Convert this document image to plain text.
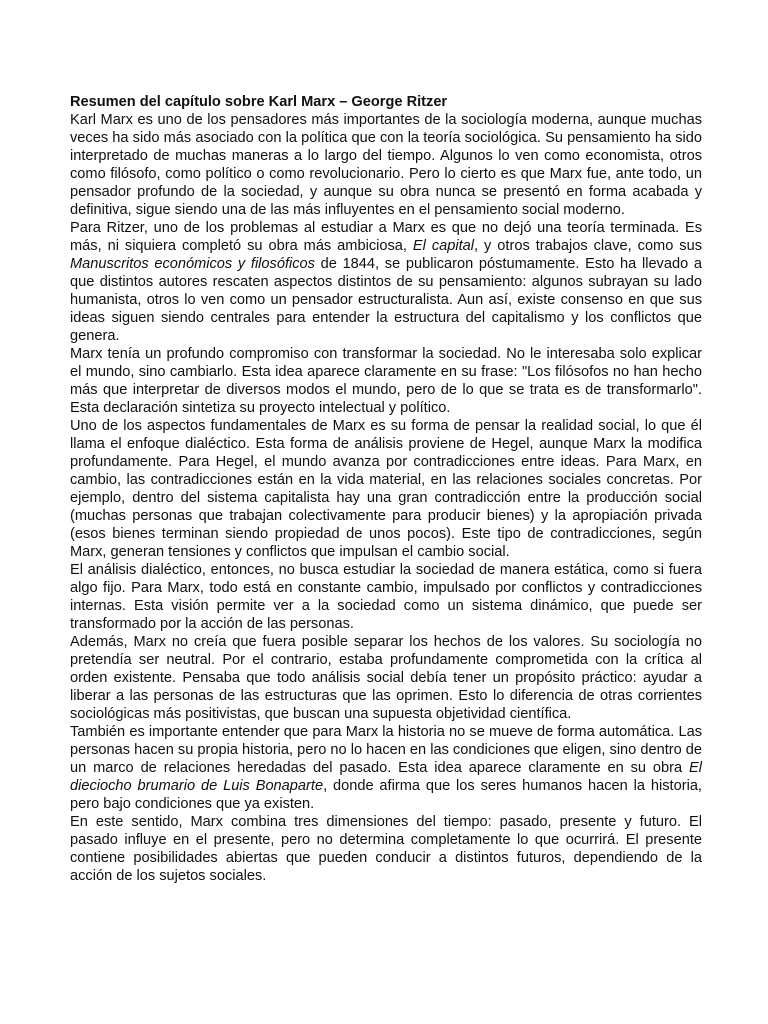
Resumen del capítulo sobre Karl Marx – George Ritzer

Karl Marx es uno de los pensadores más importantes de la sociología moderna, aunque muchas veces ha sido más asociado con la política que con la teoría sociológica. Su pensamiento ha sido interpretado de muchas maneras a lo largo del tiempo. Algunos lo ven como economista, otros como filósofo, como político o como revolucionario. Pero lo cierto es que Marx fue, ante todo, un pensador profundo de la sociedad, y aunque su obra nunca se presentó en forma acabada y definitiva, sigue siendo una de las más influyentes en el pensamiento social moderno.

Para Ritzer, uno de los problemas al estudiar a Marx es que no dejó una teoría terminada. Es más, ni siquiera completó su obra más ambiciosa, El capital, y otros trabajos clave, como sus Manuscritos económicos y filosóficos de 1844, se publicaron póstumamente. Esto ha llevado a que distintos autores rescaten aspectos distintos de su pensamiento: algunos subrayan su lado humanista, otros lo ven como un pensador estructuralista. Aun así, existe consenso en que sus ideas siguen siendo centrales para entender la estructura del capitalismo y los conflictos que genera.

Marx tenía un profundo compromiso con transformar la sociedad. No le interesaba solo explicar el mundo, sino cambiarlo. Esta idea aparece claramente en su frase: "Los filósofos no han hecho más que interpretar de diversos modos el mundo, pero de lo que se trata es de transformarlo". Esta declaración sintetiza su proyecto intelectual y político.

Uno de los aspectos fundamentales de Marx es su forma de pensar la realidad social, lo que él llama el enfoque dialéctico. Esta forma de análisis proviene de Hegel, aunque Marx la modifica profundamente. Para Hegel, el mundo avanza por contradicciones entre ideas. Para Marx, en cambio, las contradicciones están en la vida material, en las relaciones sociales concretas. Por ejemplo, dentro del sistema capitalista hay una gran contradicción entre la producción social (muchas personas que trabajan colectivamente para producir bienes) y la apropiación privada (esos bienes terminan siendo propiedad de unos pocos). Este tipo de contradicciones, según Marx, generan tensiones y conflictos que impulsan el cambio social.

El análisis dialéctico, entonces, no busca estudiar la sociedad de manera estática, como si fuera algo fijo. Para Marx, todo está en constante cambio, impulsado por conflictos y contradicciones internas. Esta visión permite ver a la sociedad como un sistema dinámico, que puede ser transformado por la acción de las personas.

Además, Marx no creía que fuera posible separar los hechos de los valores. Su sociología no pretendía ser neutral. Por el contrario, estaba profundamente comprometida con la crítica al orden existente. Pensaba que todo análisis social debía tener un propósito práctico: ayudar a liberar a las personas de las estructuras que las oprimen. Esto lo diferencia de otras corrientes sociológicas más positivistas, que buscan una supuesta objetividad científica.

También es importante entender que para Marx la historia no se mueve de forma automática. Las personas hacen su propia historia, pero no lo hacen en las condiciones que eligen, sino dentro de un marco de relaciones heredadas del pasado. Esta idea aparece claramente en su obra El dieciocho brumario de Luis Bonaparte, donde afirma que los seres humanos hacen la historia, pero bajo condiciones que ya existen.

En este sentido, Marx combina tres dimensiones del tiempo: pasado, presente y futuro. El pasado influye en el presente, pero no determina completamente lo que ocurrirá. El presente contiene posibilidades abiertas que pueden conducir a distintos futuros, dependiendo de la acción de los sujetos sociales.
